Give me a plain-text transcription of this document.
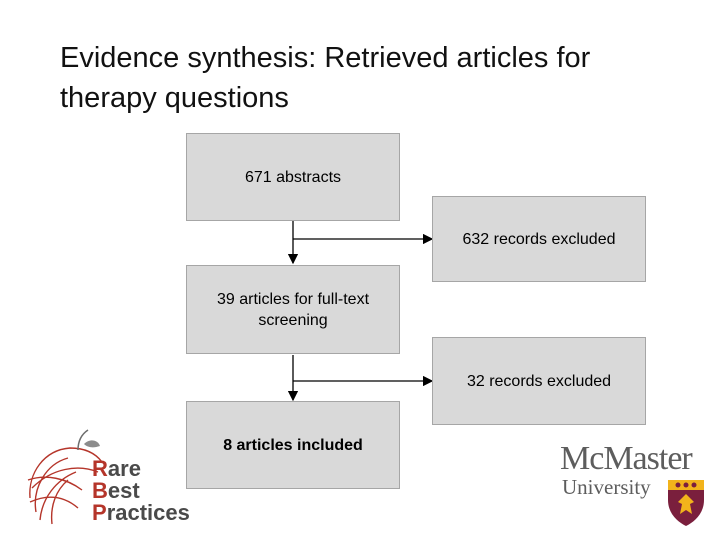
Evidence synthesis: Retrieved articles for
therapy questions
671 abstracts
632 records excluded
39 articles for full-text screening
32 records excluded
8 articles included
Rare
Best
Practices
McMaster
University
